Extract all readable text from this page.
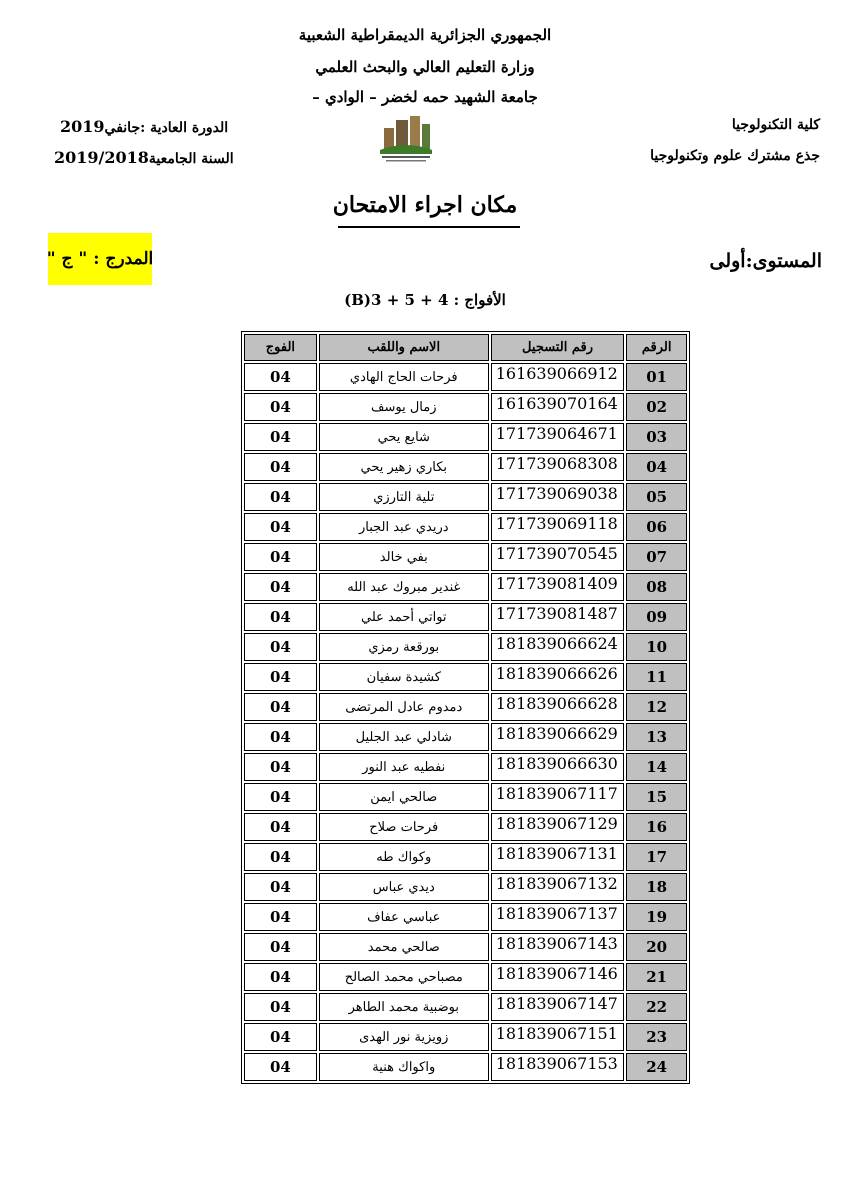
الجمهوري الجزائرية الديمقراطية الشعبية
وزارة التعليم العالي والبحث العلمي
جامعة الشهيد حمه لخضر – الوادي –
كلية التكنولوجيا
جذع مشترك علوم وتكنولوجيا
الدورة العادية :جانفي2019
السنة الجامعية2019/2018
مكان اجراء الامتحان
المستوى:أولى
المدرج : " ج "
الأفواج : 4 + 5 + 3(B)
الرقم	رقم التسجيل	الاسم واللقب	الفوج
01	161639066912	فرحات الحاج الهادي	04
02	161639070164	زمال يوسف	04
03	171739064671	شايع يحي	04
04	171739068308	بكاري زهير يحي	04
05	171739069038	تلية التارزي	04
06	171739069118	دريدي عبد الجبار	04
07	171739070545	بفي خالد	04
08	171739081409	غندير مبروك عبد الله	04
09	171739081487	تواتي أحمد علي	04
10	181839066624	بورقعة رمزي	04
11	181839066626	كشيدة سفيان	04
12	181839066628	دمدوم عادل المرتضى	04
13	181839066629	شادلي عبد الجليل	04
14	181839066630	نفطيه عبد النور	04
15	181839067117	صالحي ايمن	04
16	181839067129	فرحات صلاح	04
17	181839067131	وكواك طه	04
18	181839067132	ديدي عباس	04
19	181839067137	عباسي عفاف	04
20	181839067143	صالحي محمد	04
21	181839067146	مصباحي محمد الصالح	04
22	181839067147	بوضبية محمد الطاهر	04
23	181839067151	زويزية نور الهدى	04
24	181839067153	واكواك هنية	04
